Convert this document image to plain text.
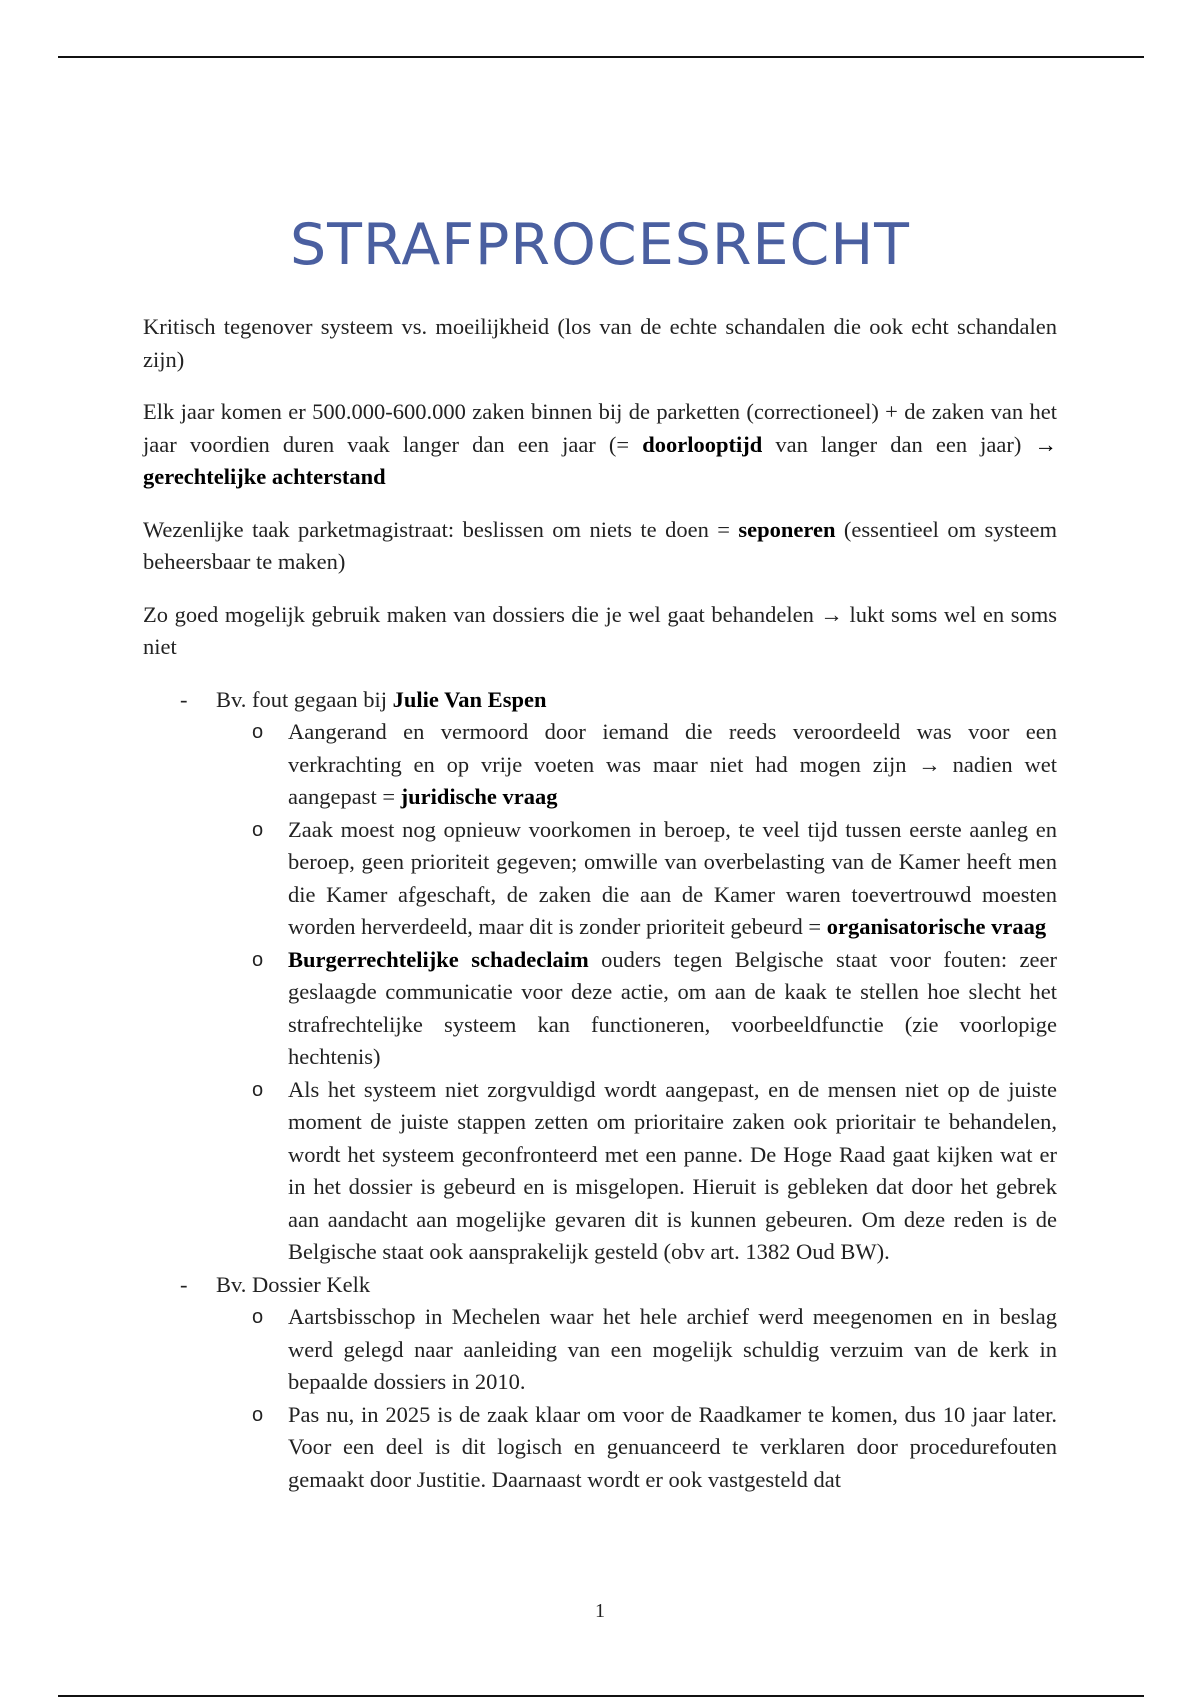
STRAFPROCESRECHT

Kritisch tegenover systeem vs. moeilijkheid (los van de echte schandalen die ook echt schandalen zijn)

Elk jaar komen er 500.000-600.000 zaken binnen bij de parketten (correctioneel) + de zaken van het jaar voordien duren vaak langer dan een jaar (= doorlooptijd van langer dan een jaar) → gerechtelijke achterstand

Wezenlijke taak parketmagistraat: beslissen om niets te doen = seponeren (essentieel om systeem beheersbaar te maken)

Zo goed mogelijk gebruik maken van dossiers die je wel gaat behandelen → lukt soms wel en soms niet

- Bv. fout gegaan bij Julie Van Espen
o Aangerand en vermoord door iemand die reeds veroordeeld was voor een verkrachting en op vrije voeten was maar niet had mogen zijn → nadien wet aangepast = juridische vraag
o Zaak moest nog opnieuw voorkomen in beroep, te veel tijd tussen eerste aanleg en beroep, geen prioriteit gegeven; omwille van overbelasting van de Kamer heeft men die Kamer afgeschaft, de zaken die aan de Kamer waren toevertrouwd moesten worden herverdeeld, maar dit is zonder prioriteit gebeurd = organisatorische vraag
o Burgerrechtelijke schadeclaim ouders tegen Belgische staat voor fouten: zeer geslaagde communicatie voor deze actie, om aan de kaak te stellen hoe slecht het strafrechtelijke systeem kan functioneren, voorbeeldfunctie (zie voorlopige hechtenis)
o Als het systeem niet zorgvuldigd wordt aangepast, en de mensen niet op de juiste moment de juiste stappen zetten om prioritaire zaken ook prioritair te behandelen, wordt het systeem geconfronteerd met een panne. De Hoge Raad gaat kijken wat er in het dossier is gebeurd en is misgelopen. Hieruit is gebleken dat door het gebrek aan aandacht aan mogelijke gevaren dit is kunnen gebeuren. Om deze reden is de Belgische staat ook aansprakelijk gesteld (obv art. 1382 Oud BW).
- Bv. Dossier Kelk
o Aartsbisschop in Mechelen waar het hele archief werd meegenomen en in beslag werd gelegd naar aanleiding van een mogelijk schuldig verzuim van de kerk in bepaalde dossiers in 2010.
o Pas nu, in 2025 is de zaak klaar om voor de Raadkamer te komen, dus 10 jaar later. Voor een deel is dit logisch en genuanceerd te verklaren door procedurefouten gemaakt door Justitie. Daarnaast wordt er ook vastgesteld dat
1
